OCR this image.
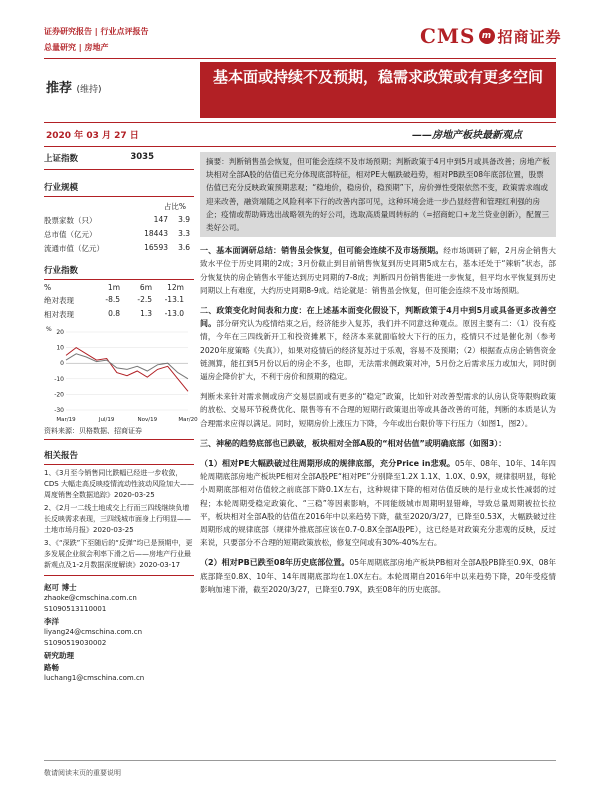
证券研究报告 | 行业点评报告
总量研究 | 房地产	CMS m 招商证券
推荐 (维持)
基本面或持续不及预期，稳需求政策或有更多空间
2020 年 03 月 27 日	——房地产板块最新观点
上证指数	3035
行业规模
占比%
股票家数（只）	147	3.9
总市值（亿元）	18443	3.3
流通市值（亿元）	16593	3.6
行业指数
%	1m	6m	12m
绝对表现	-8.5	-2.5	-13.1
相对表现	0.8	1.3	-13.0
% 20
10
0
-10
-20
-30
Mar/19	Jul/19	Nov/19	Mar/20
资料来源：贝格数据、招商证券
相关报告
1、《3月至今销售同比跌幅已经进一步收敛，CDS 大幅走高反映疫情流动性波动风险加大——周度销售全数据追踪》2020-03-25
2、《2月一二线土地成交上行而三四线继续负增长反映需求表现，三四线城市面身上行明显——土地市场月报》2020-03-25
3、《“深跌”下至随后的“反弹”均已是预期中，更多发展企业叙会利率下滑之后——房地产行业最新观点及1-2月数据深度解读》2020-03-17
赵可 博士
zhaoke@cmschina.com.cn
S1090513110001
李洋
liyang24@cmschina.com.cn
S1090519030002
研究助理
路畅
luchang1@cmschina.com.cn
摘要：判断销售虽会恢复，但可能会连续不及市场预期；判断政策于4月中到5月或具备改善；房地产板块相对全部A股的估值已充分体现底部特征，相对PE大幅跌破趋势，相对PB跌至08年底部位置，股票估值已充分反映政策预期悲观；“稳地价，稳房价，稳预期”下，房价弹性受限依然不变，政策需求端或迎来改善，融资端随之风险利率下行的改善内部可见，这种环境会进一步凸显经营和管理红利强的房企；疫情或帮助筛选出战略领先的好公司，选取高质量周转标的（=招商蛇口+龙兰贷业创新），配置三类好公司。
一、基本面调研总结：销售虽会恢复，但可能会连续不及市场预期。经市场调研了解，2月房企销售大致水平位于历史同期的2成；3月份截止到目前销售恢复到历史同期5成左右，基本还处于“辣斩”状态，部分恢复快的房企销售水平能达到历史同期的7-8成；判断四月份销售能进一步恢复，但平均水平恢复到历史同期以上有难度，大约历史同期8-9成。结论就是：销售虽会恢复，但可能会连续不及市场预期。
二、政策变化时间表和力度：在上述基本面变化假设下，判断政策于4月中到5月或具备更多改善空间。部分研究认为疫情结束之后，经济能步入复苏，我们并不同意这种观点。原因主要有二：（1）没有疫情，今年在三四线新开工和投资摊累下，经济本来就面临较大下行的压力，疫情只不过是催化剂（参考2020年度策略《失真》），如果对疫情后的经济复苏过于乐观，容易不及预期；（2）根据查点房企销售资金链测算，能扛到5月份以后的房企不多，也即，无法需求侧政策对冲，5月份之后需求压力或加大，同时倒逼房企降价扩大，不利于房价和预期的稳定。
判断未来针对需求侧或房产交易层面或有更多的“稳定”政策，比如针对改善型需求的认房认贷等限购政策的放松、交易环节税费优化、限售等有不合理的短期行政策退出等或具备改善的可能，判断的本质是认为合理需求应得以满足。同时，短期房价上涨压力下降，今年或出台限价等下行压力（如图1，图2）。
三、神秘的趋势底部也已跌破，板块相对全部A股的“相对估值”或明确底部（如图3）：
（1）相对PE大幅跌破过往周期形成的规律底部，充分Price in悲观。05年、08年、10年、14年四轮周期底部房地产板块PE相对全部A股PE“相对PE”分别降至1.2X 1.1X、1.0X、0.9X，规律很明显，每轮小周期底部相对估值较之前底部下降0.1X左右，这种规律下降的相对估值反映的是行业成长性减弱的过程；本轮周期受稳定政策化、“三稳”等因素影响，不同能级城市周期明显错峰，导致总量周期被拉长拉平，板块相对全部A股的估值在2016年中以来趋势下降，截至2020/3/27，已降至0.53X，大幅跌破过往周期形成的规律底部（规律外推底部应该在0.7-0.8X全部A股PE），这已经是对政策充分悲观的反映，反过来说，只要部分不合理的短期政策放松，修复空间或有30%-40%左右。
（2）相对PB已跌至08年历史底部位置。05年周期底部房地产板块PB相对全部A股PB降至0.9X、08年底部降至0.8X、10年、14年周期底部均在1.0X左右。本轮周期自2016年中以来趋势下降，20年受疫情影响加速下滑，截至2020/3/27，已降至0.79X，跌至08年的历史底部。
敬请阅读末页的重要说明
